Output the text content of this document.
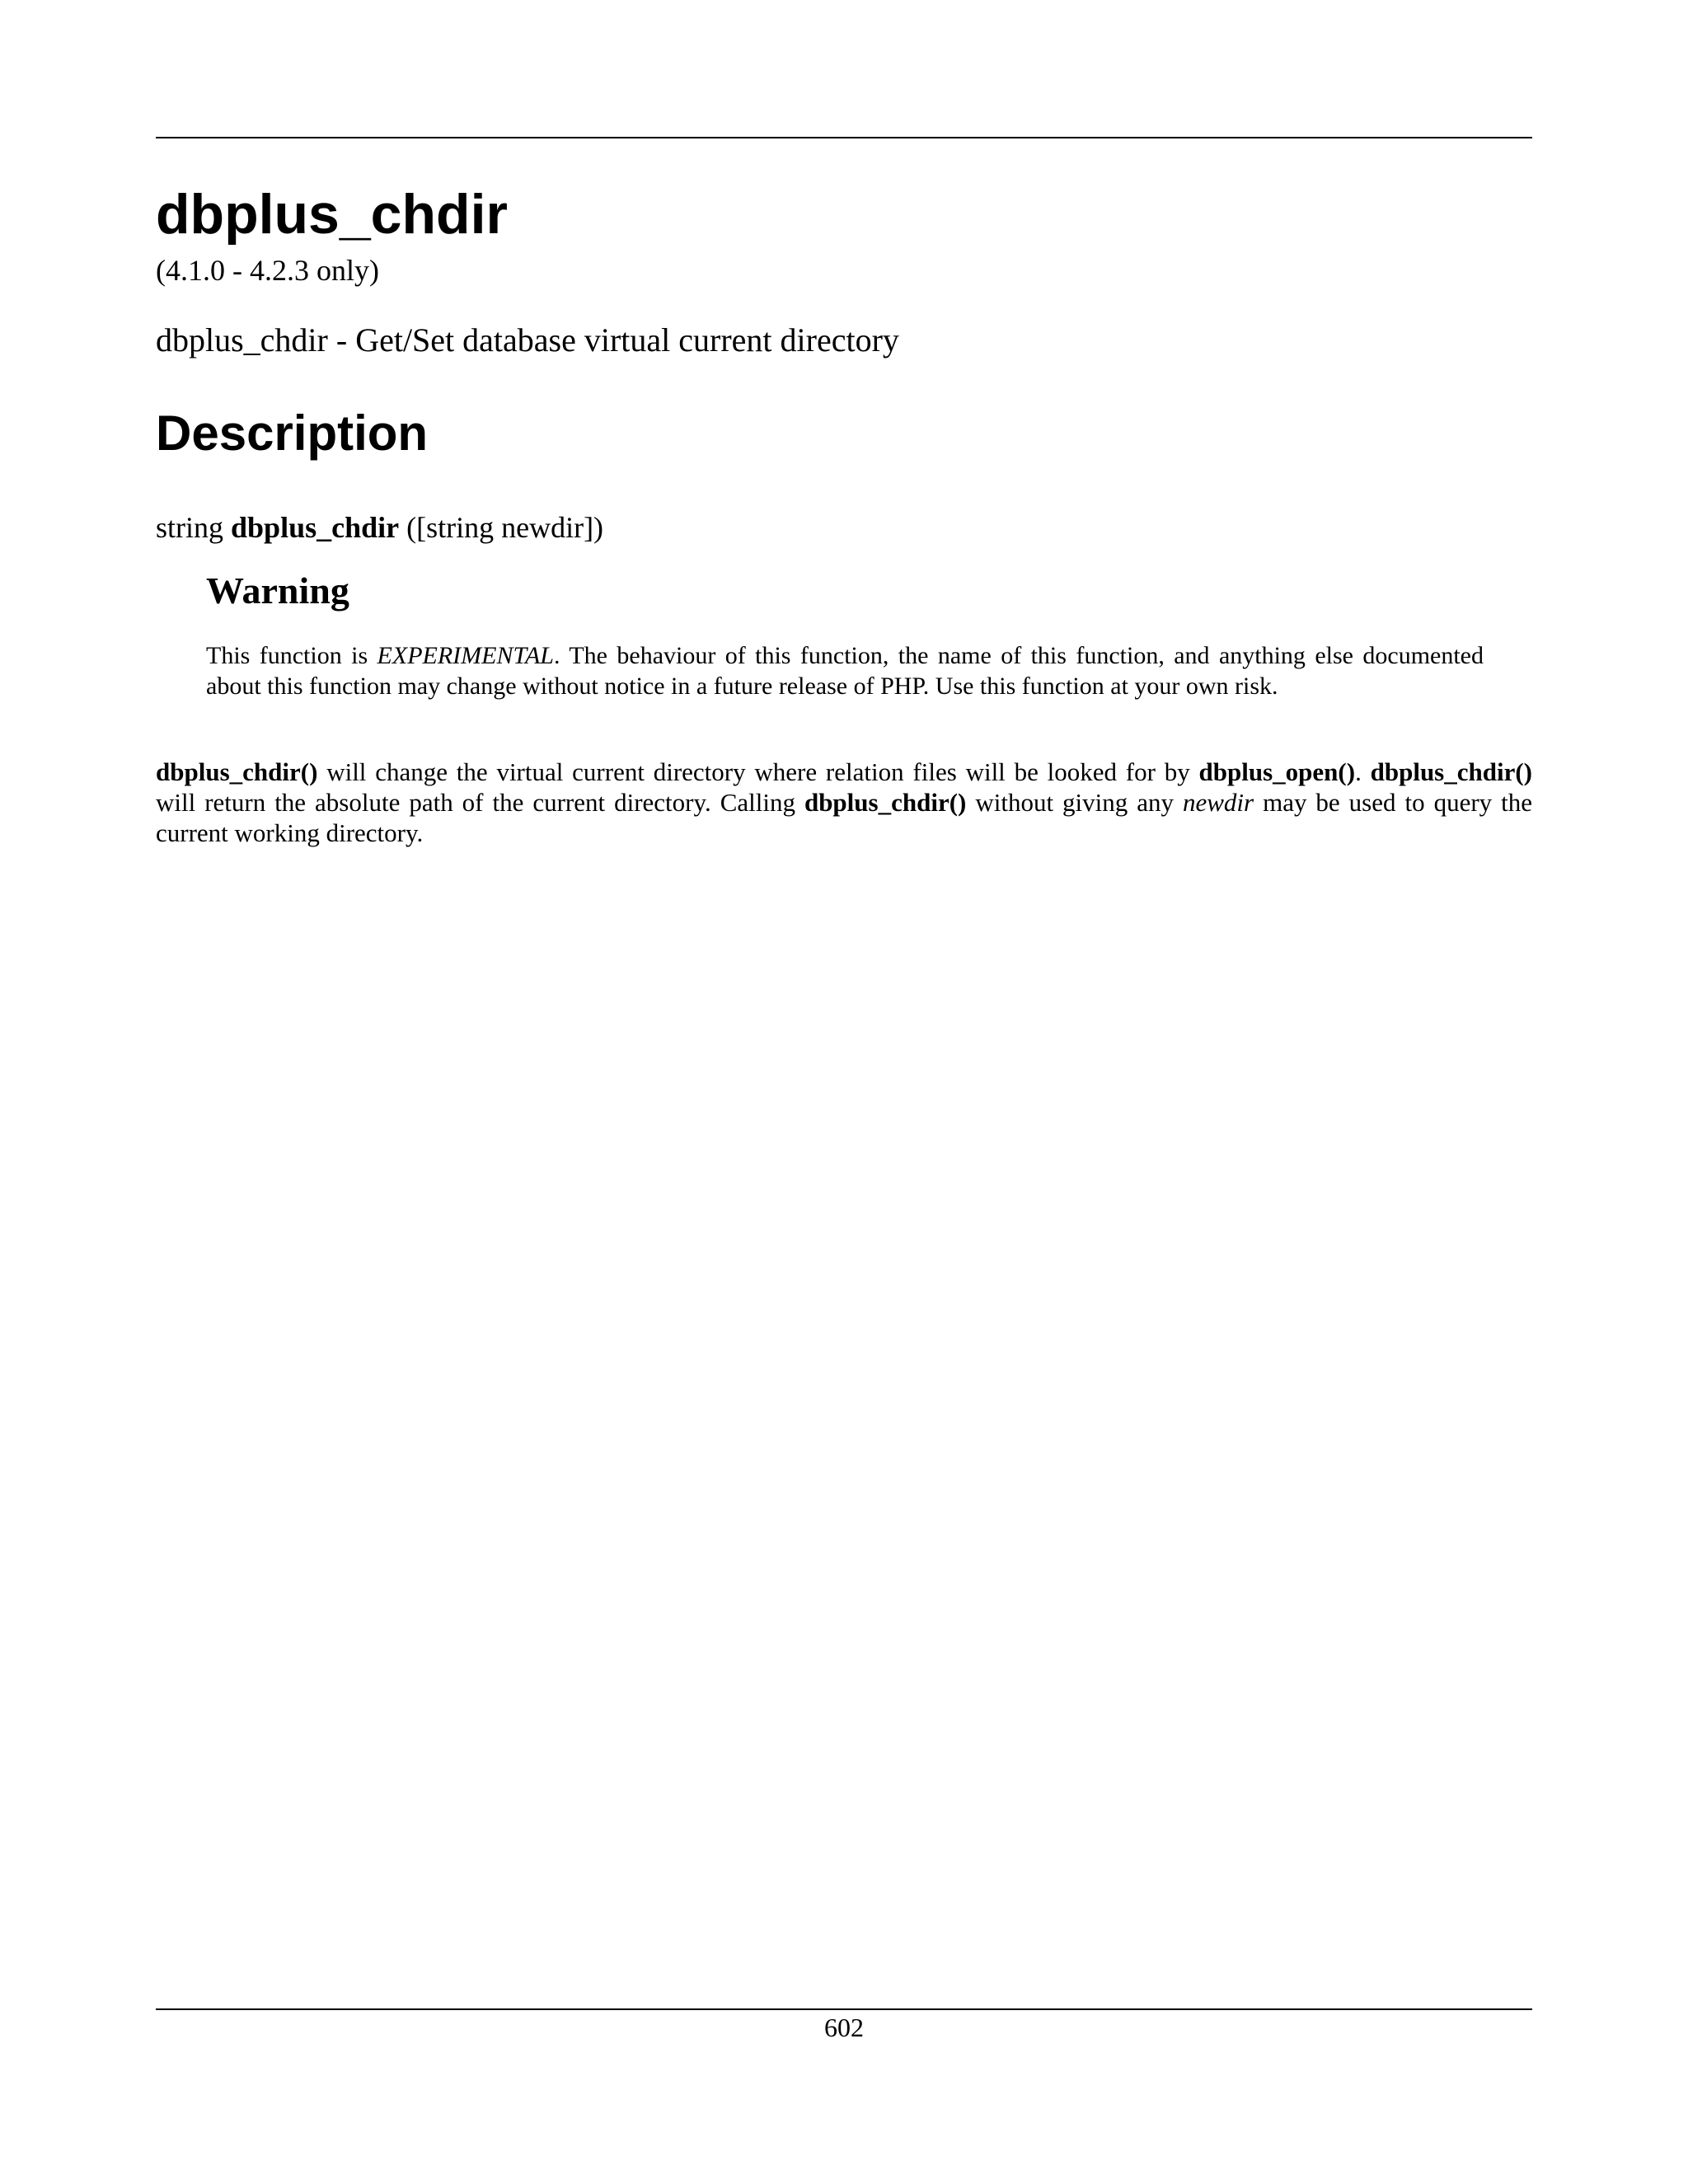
dbplus_chdir
(4.1.0 - 4.2.3 only)
dbplus_chdir - Get/Set database virtual current directory
Description
string dbplus_chdir ([string newdir])
Warning

This function is EXPERIMENTAL. The behaviour of this function, the name of this function, and anything else documented about this function may change without notice in a future release of PHP. Use this function at your own risk.

dbplus_chdir() will change the virtual current directory where relation files will be looked for by dbplus_open(). dbplus_chdir() will return the absolute path of the current directory. Calling dbplus_chdir() without giving any newdir may be used to query the current working directory.

602
